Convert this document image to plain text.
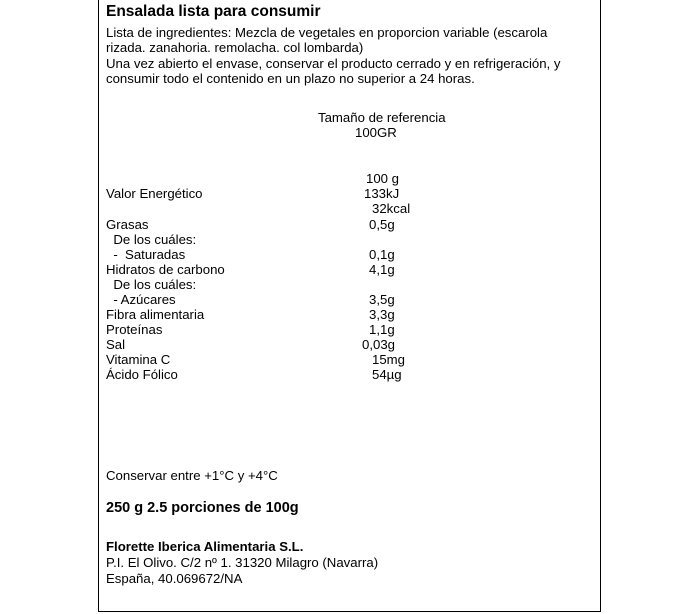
Ensalada lista para consumir
Lista de ingredientes: Mezcla de vegetales en proporcion variable (escarola
rizada. zanahoria. remolacha. col lombarda)
Una vez abierto el envase, conservar el producto cerrado y en refrigeración, y
consumir todo el contenido en un plazo no superior a 24 horas.
Tamaño de referencia
100GR
100 g
Valor Energético	133kJ
32kcal
Grasas	0,5g
De los cuáles:
-  Saturadas	0,1g
Hidratos de carbono	4,1g
De los cuáles:
- Azúcares	3,5g
Fibra alimentaria	3,3g
Proteínas	1,1g
Sal	0,03g
Vitamina C	15mg
Ácido Fólico	54µg
Conservar entre +1°C y +4°C
250 g 2.5 porciones de 100g
Florette Iberica Alimentaria S.L.
P.I. El Olivo. C/2 nº 1. 31320 Milagro (Navarra)
España, 40.069672/NA
